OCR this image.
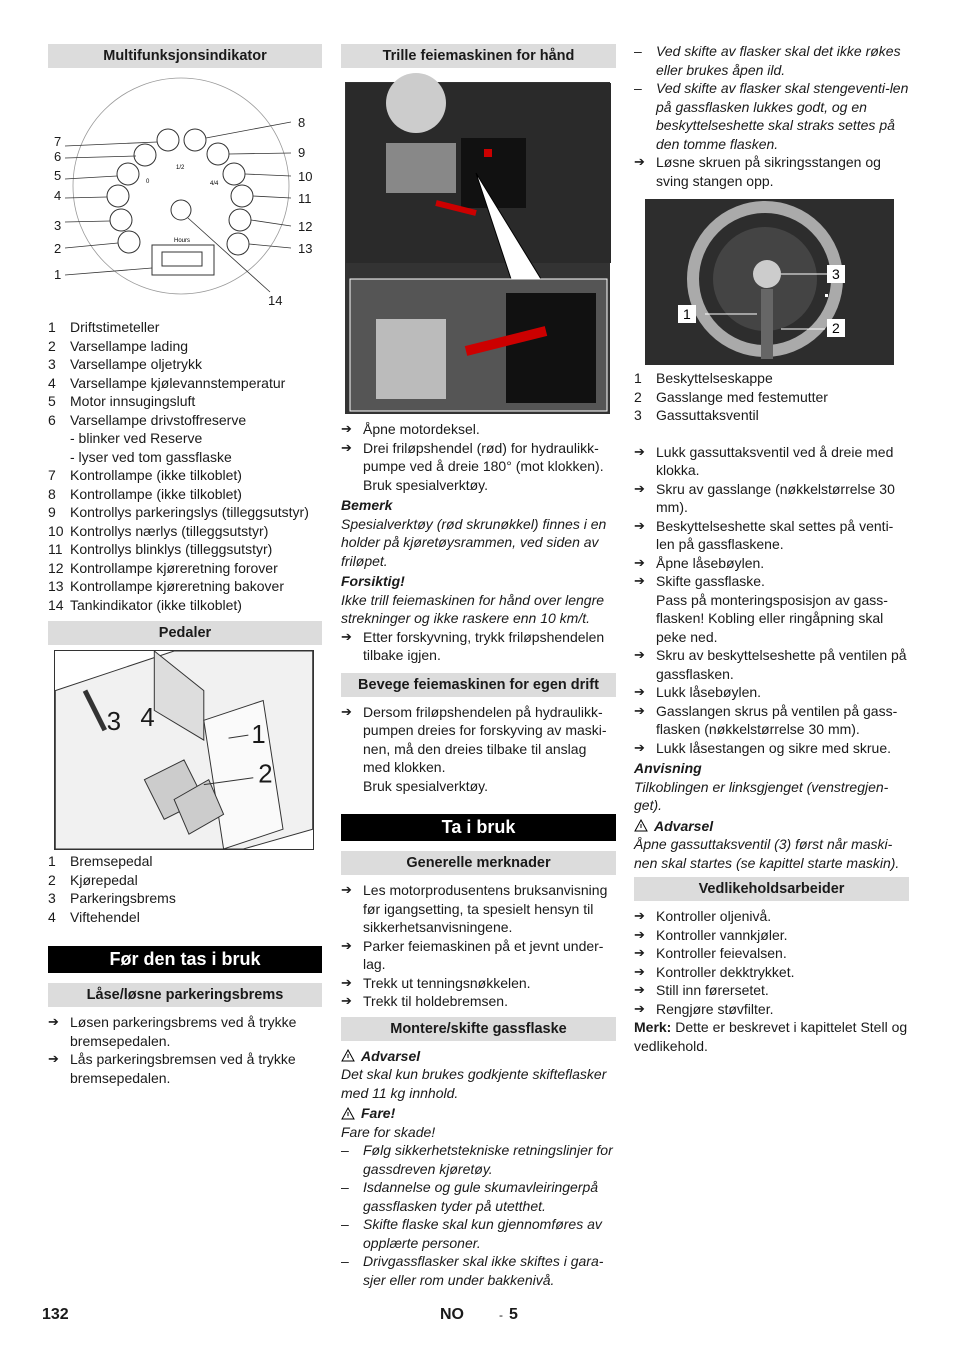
Multifunksjonsindikator
Hours
1/2
4/4
0
7
6
5
4
3
2
1
8
9
10
11
12
13
14
1	Driftstimeteller
2	Varsellampe lading
3	Varsellampe oljetrykk
4	Varsellampe kjølevannstemperatur
5	Motor innsugingsluft
6	Varsellampe drivstoffreserve
- blinker ved Reserve
- lyser ved tom gassflaske
7	Kontrollampe (ikke tilkoblet)
8	Kontrollampe (ikke tilkoblet)
9	Kontrollys parkeringslys (tilleggsutstyr)
10 Kontrollys nærlys (tilleggsutstyr)
11 Kontrollys blinklys (tilleggsutstyr)
12 Kontrollampe kjøreretning forover
13 Kontrollampe kjøreretning bakover
14 Tankindikator (ikke tilkoblet)
Pedaler
3 4
1
2
1	Bremsepedal
2	Kjørepedal
3	Parkeringsbrems
4	Viftehendel
Før den tas i bruk
Låse/løsne parkeringsbrems
➔ Løsen parkeringsbrems ved å trykke bremsepedalen.
➔ Lås parkeringsbremsen ved å trykke bremsepedalen.
Trille feiemaskinen for hånd
➔ Åpne motordeksel.
➔ Drei friløpshendel (rød) for hydraulikk-pumpe ved å dreie 180° (mot klokken).
Bruk spesialverktøy.
Bemerk
Spesialverktøy (rød skrunøkkel) finnes i en holder på kjøretøysrammen, ved siden av friløpet.
Forsiktig!
Ikke trill feiemaskinen for hånd over lengre strekninger og ikke raskere enn 10 km/t.
➔ Etter forskyvning, trykk friløpshendelen tilbake igjen.
Bevege feiemaskinen for egen drift
➔ Dersom friløpshendelen på hydraulikk-pumpen dreies for forskyving av maski-nen, må den dreies tilbake til anslag med klokken.
Bruk spesialverktøy.
Ta i bruk
Generelle merknader
➔ Les motorprodusentens bruksanvisning før igangsetting, ta spesielt hensyn til sikkerhetsanvisningene.
➔ Parker feiemaskinen på et jevnt under-lag.
➔ Trekk ut tenningsnøkkelen.
➔ Trekk til holdebremsen.
Montere/skifte gassflaske
Advarsel
Det skal kun brukes godkjente skifteflasker med 11 kg innhold.
Fare!
Fare for skade!
–	Følg sikkerhetstekniske retningslinjer for gassdreven kjøretøy.
–	Isdannelse og gule skumavleiringerpå gassflasken tyder på utetthet.
–	Skifte flaske skal kun gjennomføres av opplærte personer.
–	Drivgassflasker skal ikke skiftes i gara-sjer eller rom under bakkenivå.
–	Ved skifte av flasker skal det ikke røkes eller brukes åpen ild.
–	Ved skifte av flasker skal stengeventi-len på gassflasken lukkes godt, og en beskyttelseshette skal straks settes på den tomme flasken.
➔ Løsne skruen på sikringsstangen og sving stangen opp.
3
1
2
1	Beskyttelseskappe
2	Gasslange med festemutter
3	Gassuttaksventil
➔ Lukk gassuttaksventil ved å dreie med klokka.
➔ Skru av gasslange (nøkkelstørrelse 30 mm).
➔ Beskyttelseshette skal settes på venti-len på gassflaskene.
➔ Åpne låsebøylen.
➔ Skifte gassflaske.
Pass på monteringsposisjon av gass-flasken! Kobling eller ringåpning skal peke ned.
➔ Skru av beskyttelseshette på ventilen på gassflasken.
➔ Lukk låsebøylen.
➔ Gasslangen skrus på ventilen på gass-flasken (nøkkelstørrelse 30 mm).
➔ Lukk låsestangen og sikre med skrue.
Anvisning
Tilkoblingen er linksgjenget (venstregjen-get).
Advarsel
Åpne gassuttaksventil (3) først når maski-nen skal startes (se kapittel starte maskin).
Vedlikeholdsarbeider
➔ Kontroller oljenivå.
➔ Kontroller vannkjøler.
➔ Kontroller feievalsen.
➔ Kontroller dekktrykket.
➔ Still inn førersetet.
➔ Rengjøre støvfilter.
Merk: Dette er beskrevet i kapittelet Stell og vedlikehold.
132	NO	- 5
